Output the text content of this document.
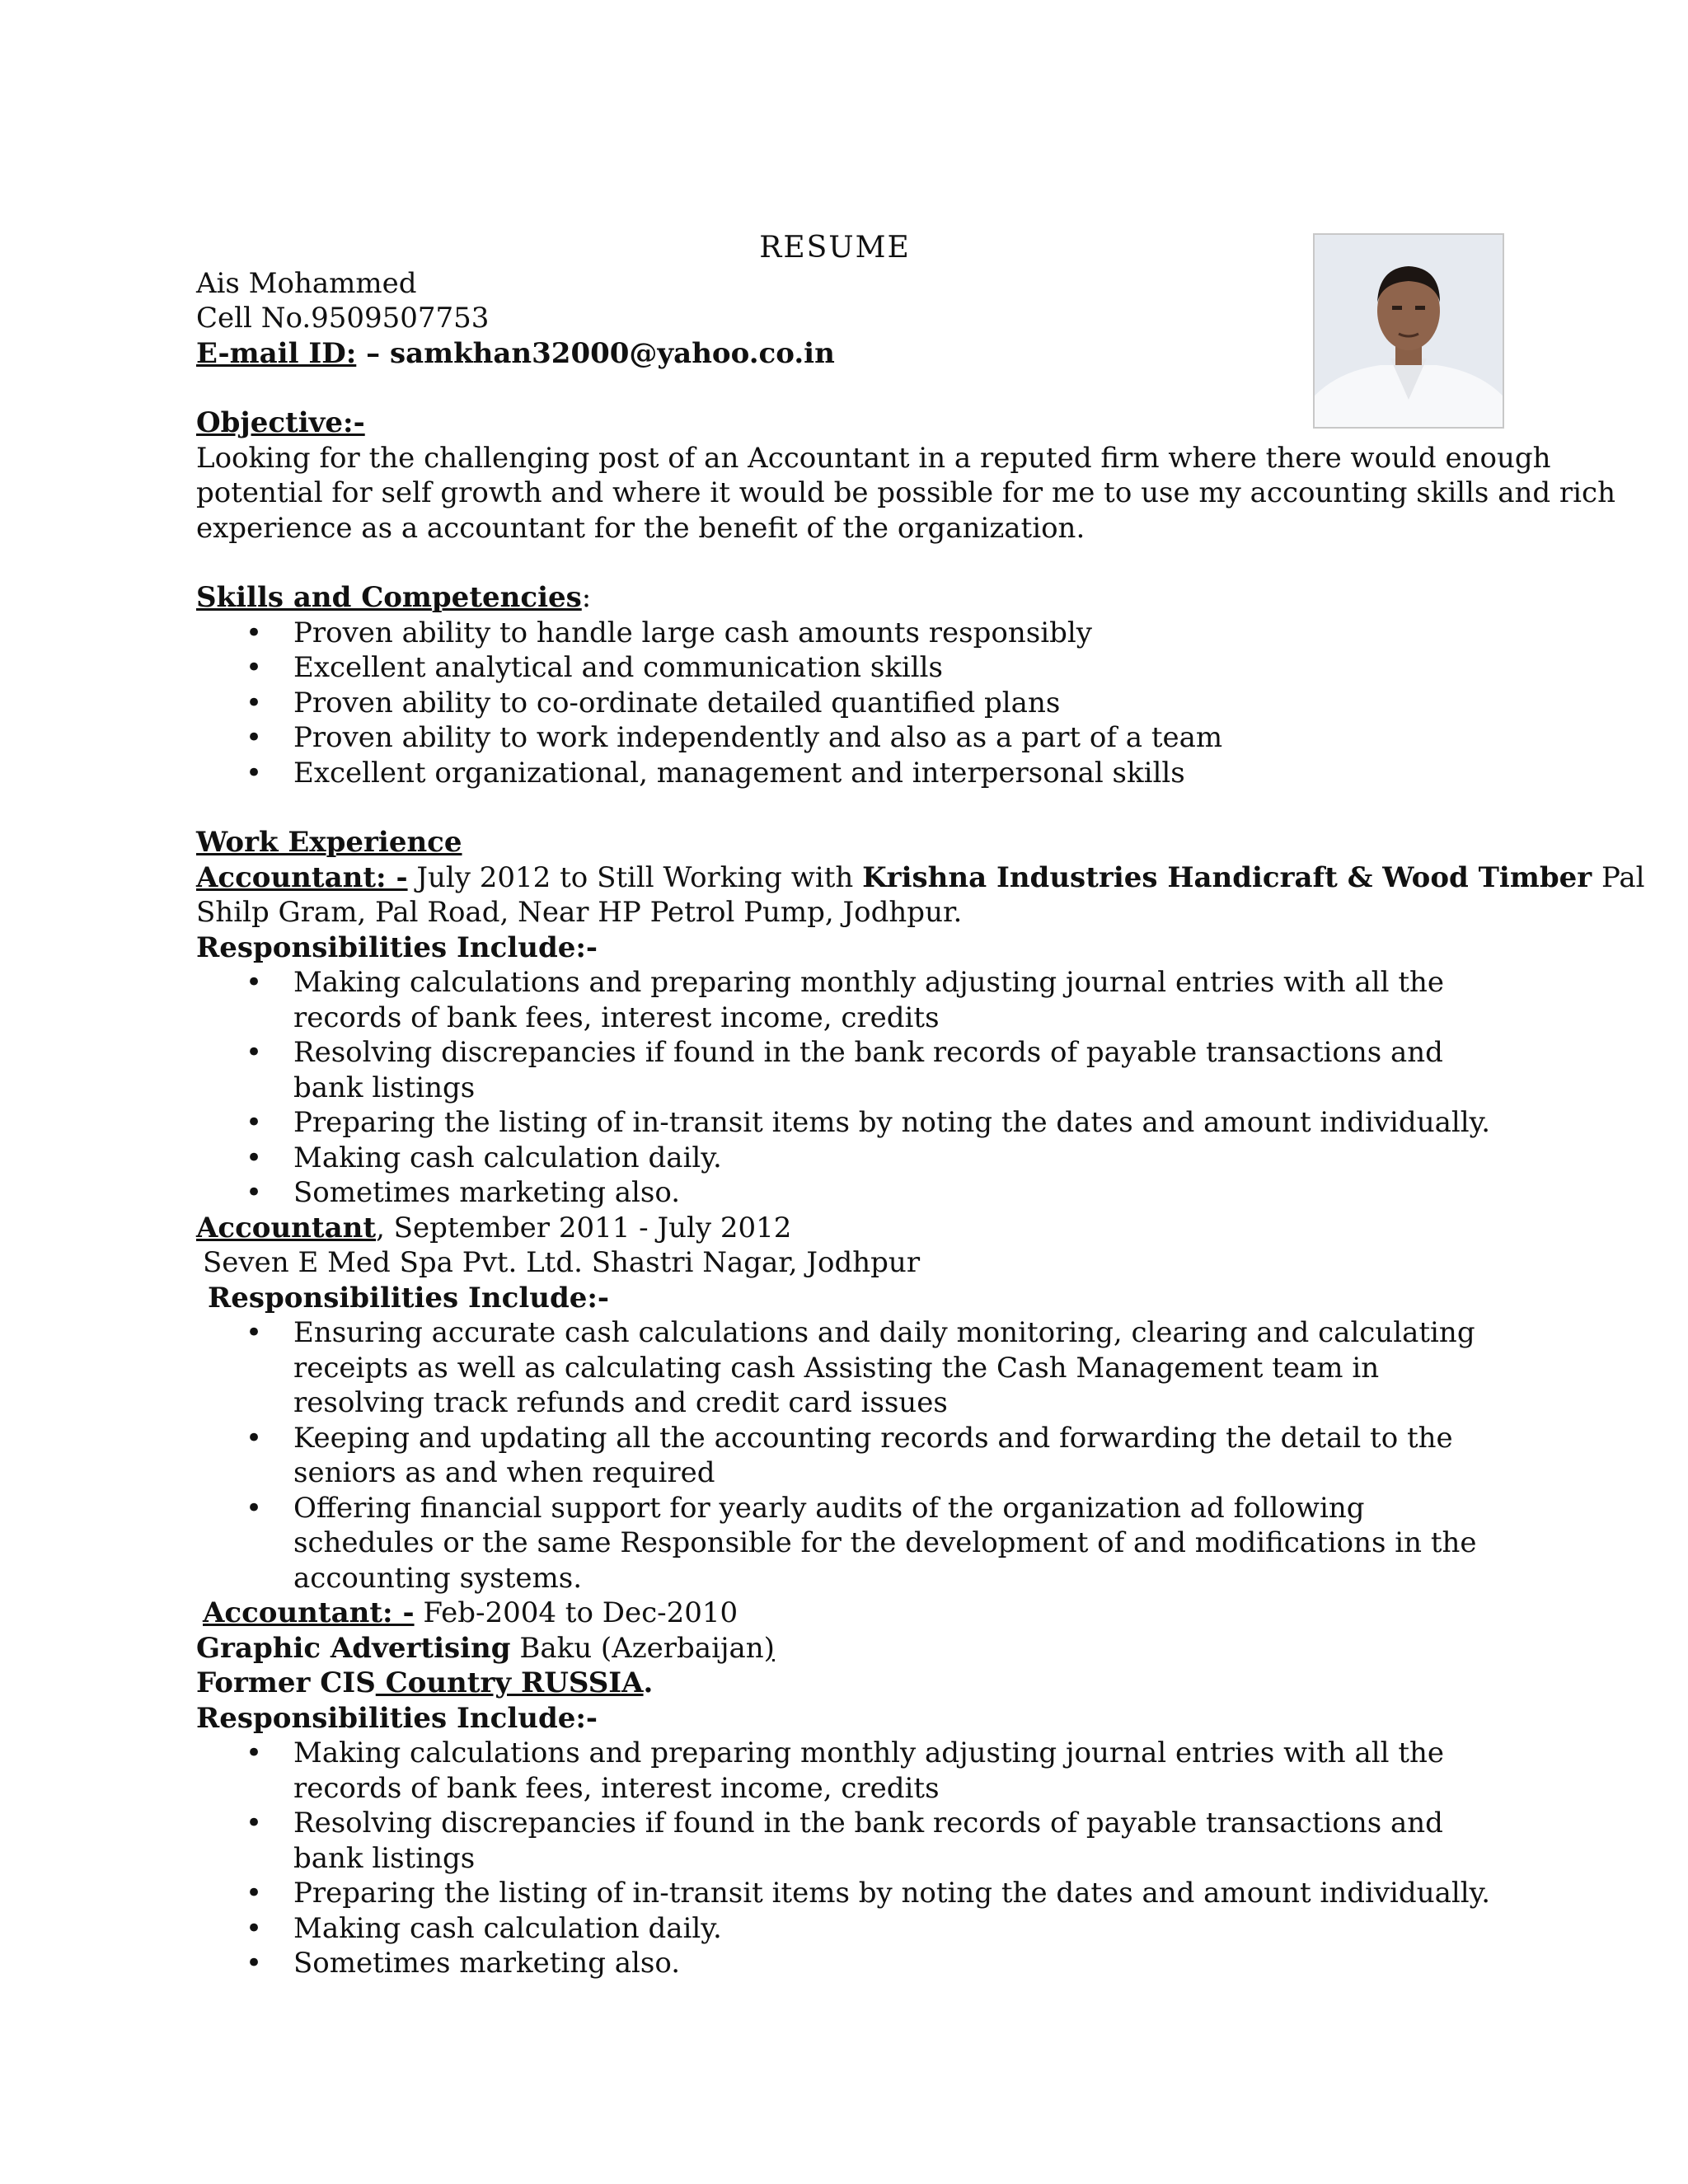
RESUME

Ais Mohammed

Cell No.9509507753

E-mail ID: – samkhan32000@yahoo.co.in

Objective:-

Looking for the challenging post of an Accountant in a reputed firm where there would enough

potential for self growth and where it would be possible for me to use my accounting skills and rich

experience as a accountant for the benefit of the organization.

Skills and Competencies:

• Proven ability to handle large cash amounts responsibly
• Excellent analytical and communication skills
• Proven ability to co-ordinate detailed quantified plans
• Proven ability to work independently and also as a part of a team
• Excellent organizational, management and interpersonal skills

Work Experience

Accountant: - July 2012 to Still Working with Krishna Industries Handicraft & Wood Timber Pal

Shilp Gram, Pal Road, Near HP Petrol Pump, Jodhpur.

Responsibilities Include:-

• Making calculations and preparing monthly adjusting journal entries with all the records of bank fees, interest income, credits
• Resolving discrepancies if found in the bank records of payable transactions and bank listings
• Preparing the listing of in-transit items by noting the dates and amount individually.
• Making cash calculation daily.
• Sometimes marketing also.

Accountant, September 2011 - July 2012

Seven E Med Spa Pvt. Ltd. Shastri Nagar, Jodhpur

Responsibilities Include:-

• Ensuring accurate cash calculations and daily monitoring, clearing and calculating receipts as well as calculating cash Assisting the Cash Management team in resolving track refunds and credit card issues
• Keeping and updating all the accounting records and forwarding the detail to the seniors as and when required
• Offering financial support for yearly audits of the organization ad following schedules or the same Responsible for the development of and modifications in the accounting systems.

Accountant: - Feb-2004 to Dec-2010

Graphic Advertising Baku (Azerbaijan)

Former CIS Country RUSSIA.

Responsibilities Include:-

• Making calculations and preparing monthly adjusting journal entries with all the records of bank fees, interest income, credits
• Resolving discrepancies if found in the bank records of payable transactions and bank listings
• Preparing the listing of in-transit items by noting the dates and amount individually.
• Making cash calculation daily.
• Sometimes marketing also.
